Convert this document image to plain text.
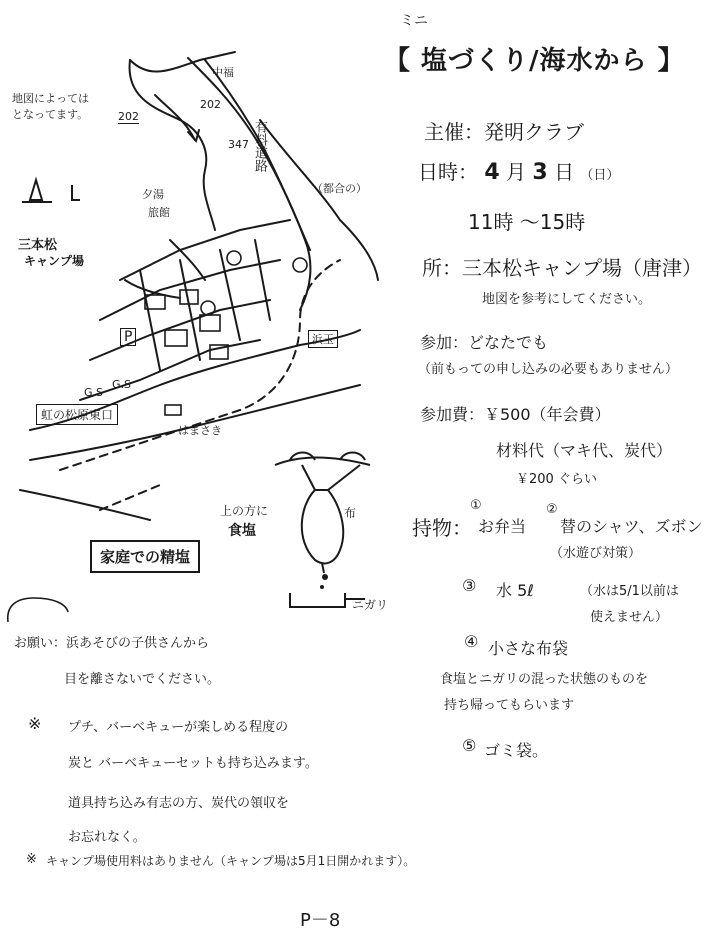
地図によっては
となってます。	202
中福
202
347 有料道路
（都合の）
夕湯
旅館
三本松
キャンプ場
P	浜玉
G.S
G.S
虹の松原東口
はまさき
上の方に
食塩
布
ニガリ
家庭での精塩
ミニ
【 塩づくり/海水から 】
主催：発明クラブ
日時： 4 月 3 日 （日）
11時 〜15時
所：三本松キャンプ場（唐津）
地図を参考にしてください。
参加：どなたでも
（前もっての申し込みの必要もありません）
参加費：￥500（年会費）
材料代（マキ代、炭代）
￥200 ぐらい
持物：
①
お弁当
②
替のシャツ、ズボン
（水遊び対策）
③ 水 5ℓ	（水は5/1以前は
使えません）
④ 小さな布袋
食塩とニガリの混った状態のものを
持ち帰ってもらいます
⑤ ゴミ袋。
お願い：浜あそびの子供さんから
目を離さないでください。
※ プチ、バーベキューが楽しめる程度の
炭と バーベキューセットも持ち込みます。
道具持ち込み有志の方、炭代の領収を
お忘れなく。
※ キャンプ場使用料はありません（キャンプ場は5月1日開かれます）。
P－8
